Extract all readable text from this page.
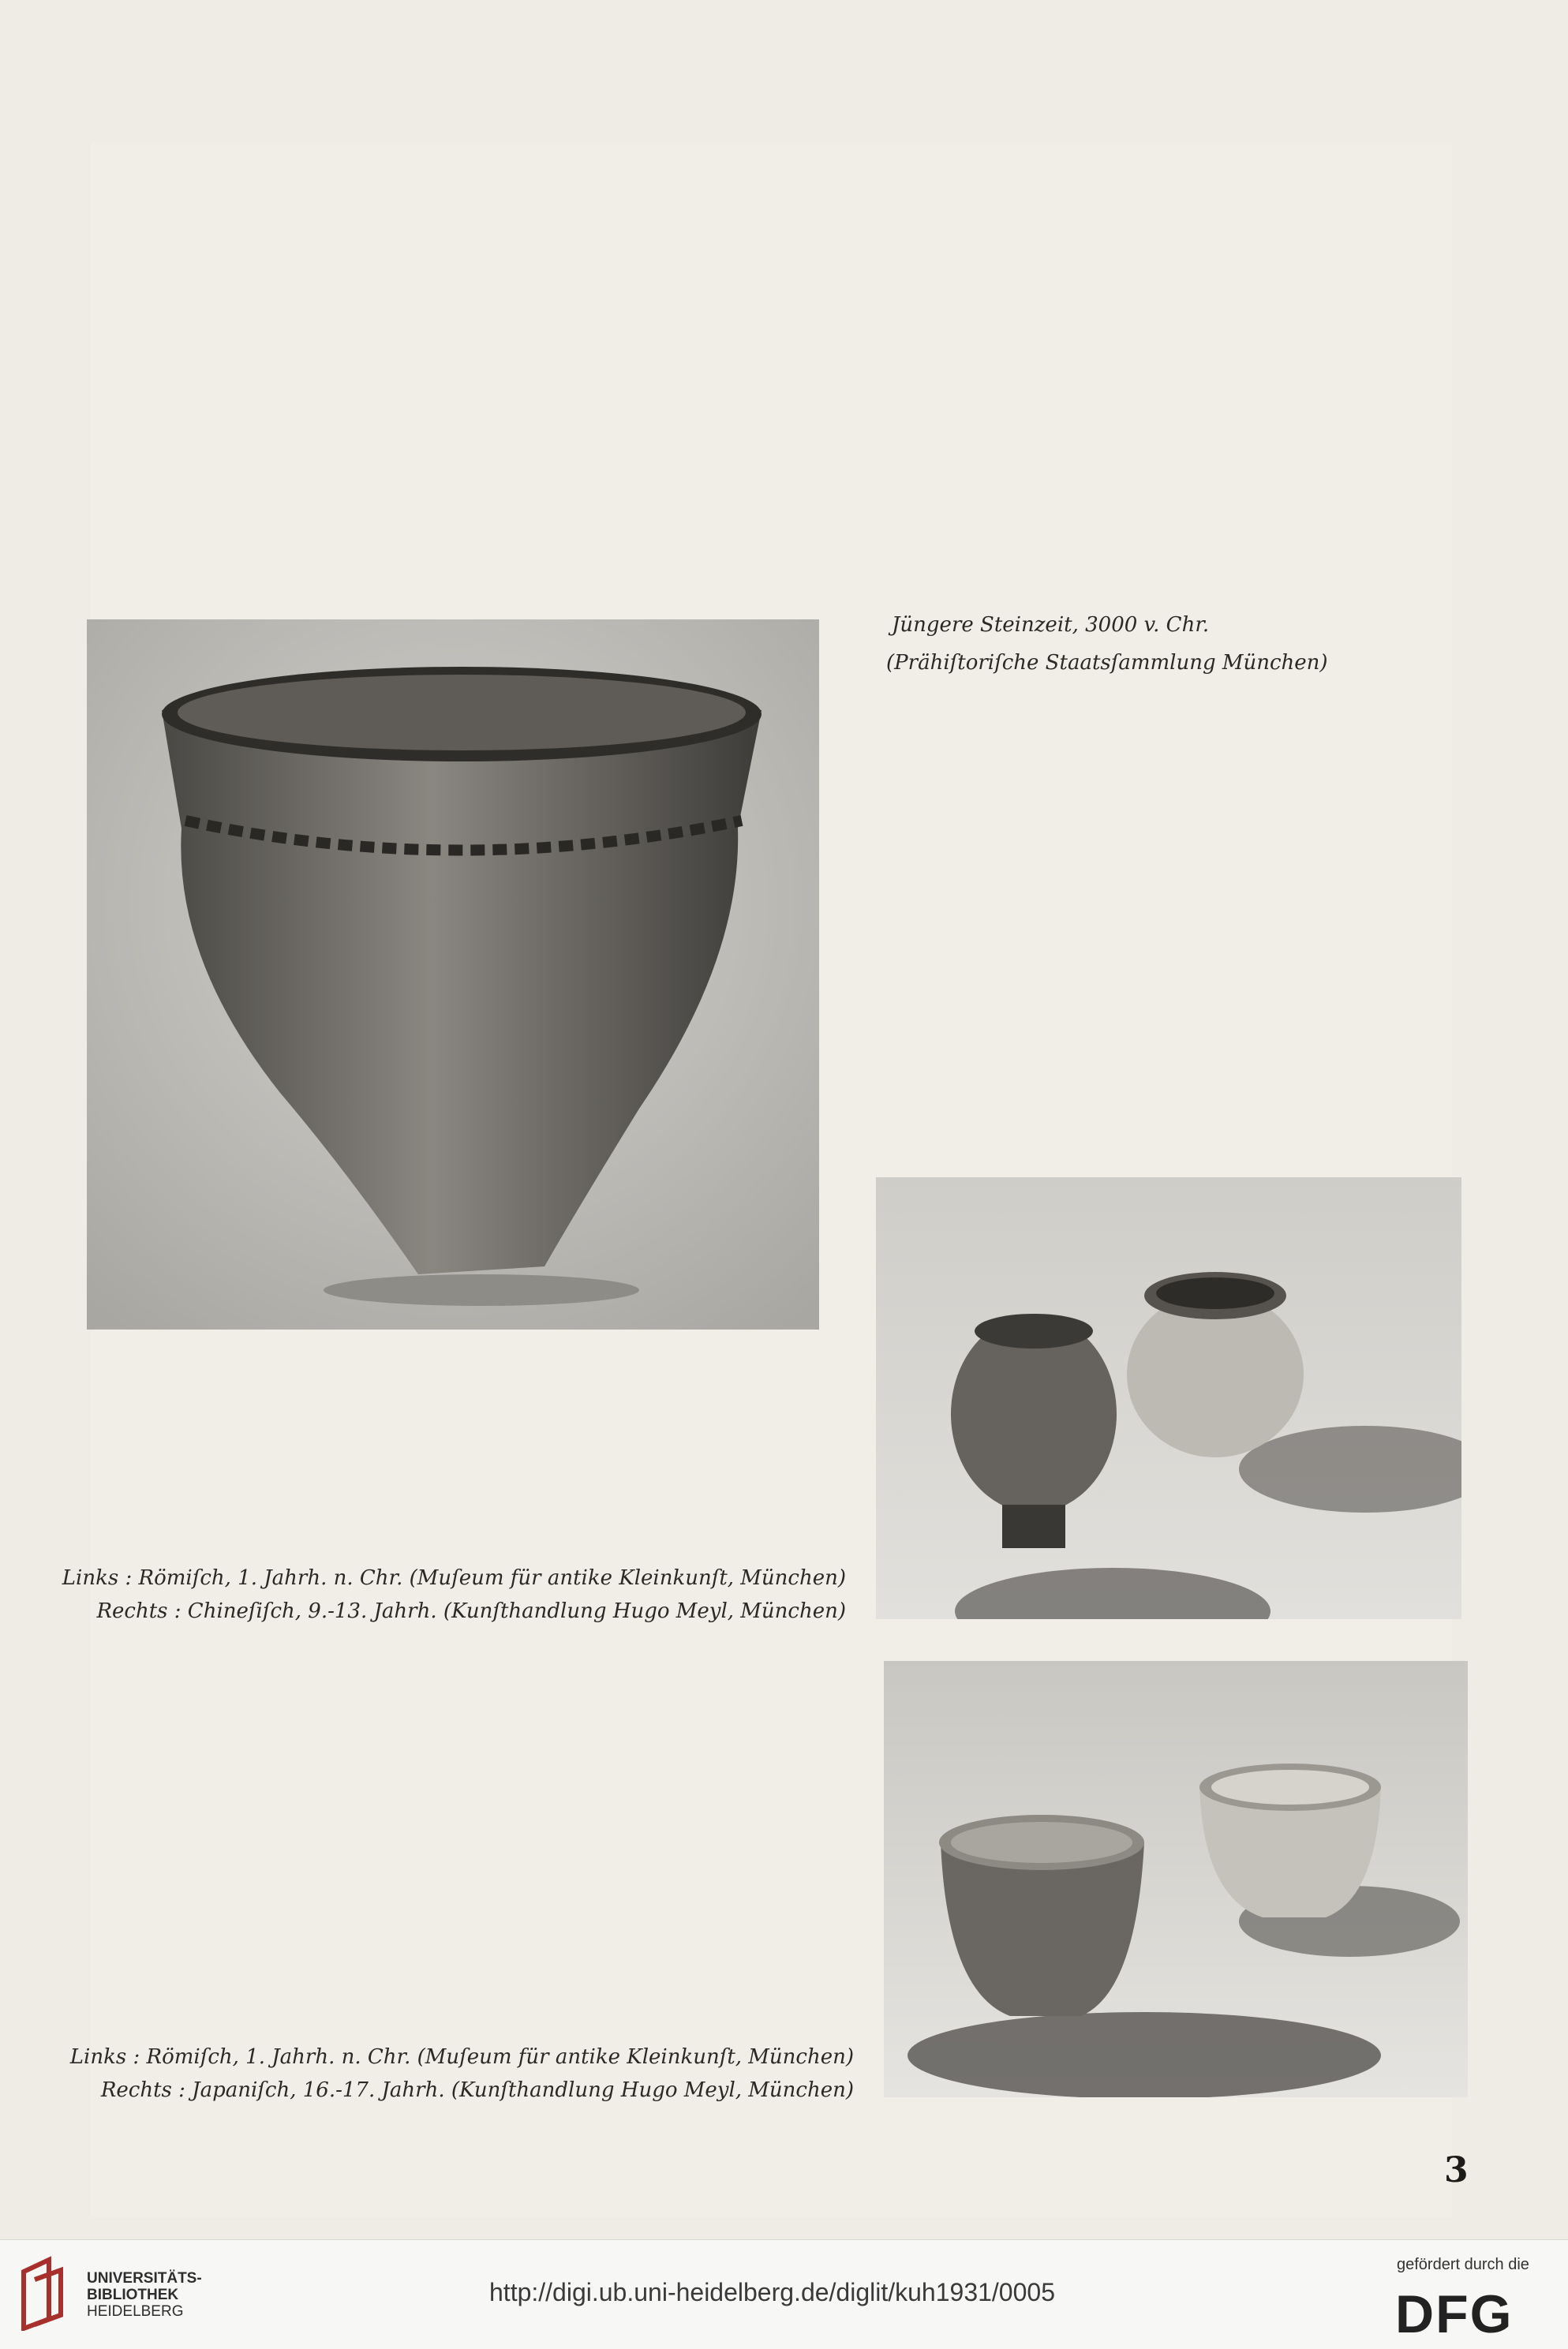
Jüngere Steinzeit, 3000 v. Chr.
(Prähiſtoriſche Staatsſammlung München)
Links : Römiſch, 1. Jahrh. n. Chr. (Muſeum für antike Kleinkunſt, München)
Rechts : Chineſiſch, 9.-13. Jahrh. (Kunſthandlung Hugo Meyl, München)
Links : Römiſch, 1. Jahrh. n. Chr. (Muſeum für antike Kleinkunſt, München)
Rechts : Japaniſch, 16.-17. Jahrh. (Kunſthandlung Hugo Meyl, München)
3
UNIVERSITÄTS-
BIBLIOTHEK
HEIDELBERG
http://digi.ub.uni-heidelberg.de/diglit/kuh1931/0005
gefördert durch die
DFG
